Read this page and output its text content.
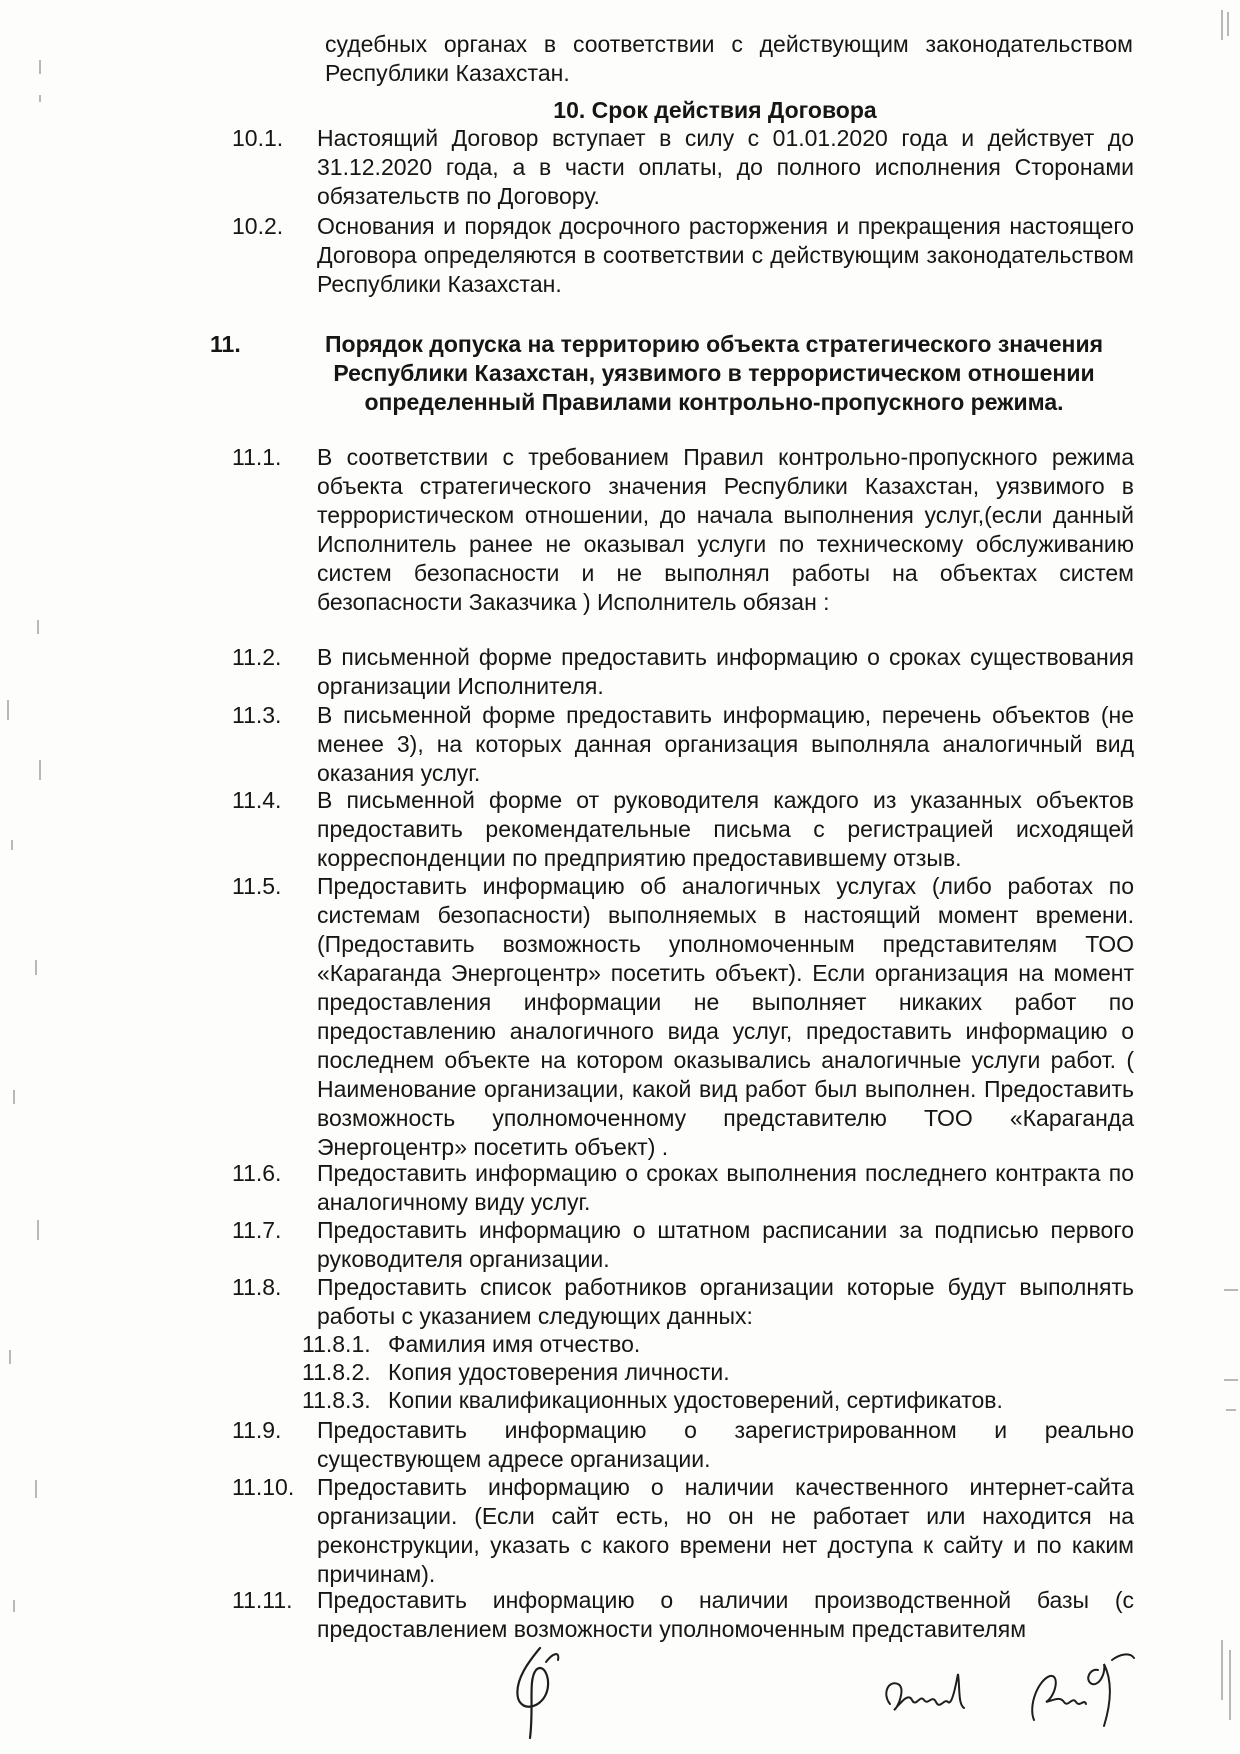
судебных органах в соответствии с действующим законодательством Республики Казахстан.

10. Срок действия Договора
10.1. Настоящий Договор вступает в силу с 01.01.2020 года и действует до 31.12.2020 года, а в части оплаты, до полного исполнения Сторонами обязательств по Договору.
10.2. Основания и порядок досрочного расторжения и прекращения настоящего Договора определяются в соответствии с действующим законодательством Республики Казахстан.
11.	Порядок допуска на территорию объекта стратегического значения Республики Казахстан, уязвимого в террористическом отношении определенный Правилами контрольно-пропускного режима.
11.1. В соответствии с требованием Правил контрольно-пропускного режима объекта стратегического значения Республики Казахстан, уязвимого в террористическом отношении, до начала выполнения услуг,(если данный Исполнитель ранее не оказывал услуги по техническому обслуживанию систем безопасности и не выполнял работы на объектах систем безопасности Заказчика ) Исполнитель обязан :
11.2. В письменной форме предоставить информацию о сроках существования организации Исполнителя.
11.3. В письменной форме предоставить информацию, перечень объектов (не менее 3), на которых данная организация выполняла аналогичный вид оказания услуг.
11.4. В письменной форме от руководителя каждого из указанных объектов предоставить рекомендательные письма с регистрацией исходящей корреспонденции по предприятию предоставившему отзыв.
11.5. Предоставить информацию об аналогичных услугах (либо работах по системам безопасности) выполняемых в настоящий момент времени. (Предоставить возможность уполномоченным представителям ТОО «Караганда Энергоцентр» посетить объект). Если организация на момент предоставления информации не выполняет никаких работ по предоставлению аналогичного вида услуг, предоставить информацию о последнем объекте на котором оказывались аналогичные услуги работ. ( Наименование организации, какой вид работ был выполнен. Предоставить возможность уполномоченному представителю ТОО «Караганда Энергоцентр» посетить объект) .
11.6. Предоставить информацию о сроках выполнения последнего контракта по аналогичному виду услуг.
11.7. Предоставить информацию о штатном расписании за подписью первого руководителя организации.
11.8. Предоставить список работников организации которые будут выполнять работы с указанием следующих данных:
11.8.1. Фамилия имя отчество.
11.8.2. Копия удостоверения личности.
11.8.3. Копии квалификационных удостоверений, сертификатов.
11.9. Предоставить информацию о зарегистрированном и реально существующем адресе организации.
11.10. Предоставить информацию о наличии качественного интернет-сайта организации. (Если сайт есть, но он не работает или находится на реконструкции, указать с какого времени нет доступа к сайту и по каким причинам).
11.11. Предоставить информацию о наличии производственной базы (с предоставлением возможности уполномоченным представителям
